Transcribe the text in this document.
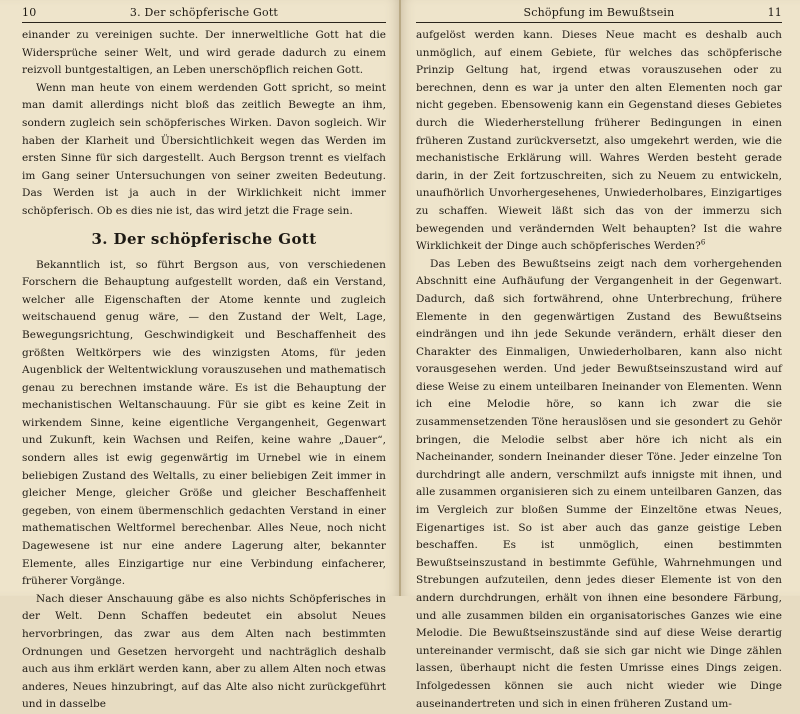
10	3. Der schöpferische Gott

einander zu vereinigen suchte. Der innerweltliche Gott hat die Widersprüche seiner Welt, und wird gerade dadurch zu einem reizvoll buntgestaltigen, an Leben unerschöpflich reichen Gott.

Wenn man heute von einem werdenden Gott spricht, so meint man damit allerdings nicht bloß das zeitlich Bewegte an ihm, sondern zugleich sein schöpferisches Wirken. Davon sogleich. Wir haben der Klarheit und Übersichtlichkeit wegen das Werden im ersten Sinne für sich dargestellt. Auch Bergson trennt es vielfach im Gang seiner Untersuchungen von seiner zweiten Bedeutung. Das Werden ist ja auch in der Wirklichkeit nicht immer schöpferisch. Ob es dies nie ist, das wird jetzt die Frage sein.

3. Der schöpferische Gott

Bekanntlich ist, so führt Bergson aus, von verschiedenen Forschern die Behauptung aufgestellt worden, daß ein Verstand, welcher alle Eigenschaften der Atome kennte und zugleich weitschauend genug wäre, — den Zustand der Welt, Lage, Bewegungsrichtung, Geschwindigkeit und Beschaffenheit des größten Weltkörpers wie des winzigsten Atoms, für jeden Augenblick der Weltentwicklung vorauszusehen und mathematisch genau zu berechnen imstande wäre. Es ist die Behauptung der mechanistischen Weltanschauung. Für sie gibt es keine Zeit in wirkendem Sinne, keine eigentliche Vergangenheit, Gegenwart und Zukunft, kein Wachsen und Reifen, keine wahre „Dauer“, sondern alles ist ewig gegenwärtig im Urnebel wie in einem beliebigen Zustand des Weltalls, zu einer beliebigen Zeit immer in gleicher Menge, gleicher Größe und gleicher Beschaffenheit gegeben, von einem übermenschlich gedachten Verstand in einer mathematischen Weltformel berechenbar. Alles Neue, noch nicht Dagewesene ist nur eine andere Lagerung alter, bekannter Elemente, alles Einzigartige nur eine Verbindung einfacherer, früherer Vorgänge.

Nach dieser Anschauung gäbe es also nichts Schöpferisches in der Welt. Denn Schaffen bedeutet ein absolut Neues hervorbringen, das zwar aus dem Alten nach bestimmten Ordnungen und Gesetzen hervorgeht und nachträglich deshalb auch aus ihm erklärt werden kann, aber zu allem Alten noch etwas anderes, Neues hinzubringt, auf das Alte also nicht zurückgeführt und in dasselbe

Schöpfung im Bewußtsein	11

aufgelöst werden kann. Dieses Neue macht es deshalb auch unmöglich, auf einem Gebiete, für welches das schöpferische Prinzip Geltung hat, irgend etwas vorauszusehen oder zu berechnen, denn es war ja unter den alten Elementen noch gar nicht gegeben. Ebensowenig kann ein Gegenstand dieses Gebietes durch die Wiederherstellung früherer Bedingungen in einen früheren Zustand zurückversetzt, also umgekehrt werden, wie die mechanistische Erklärung will. Wahres Werden besteht gerade darin, in der Zeit fortzuschreiten, sich zu Neuem zu entwickeln, unaufhörlich Unvorhergesehenes, Unwiederholbares, Einzigartiges zu schaffen. Wieweit läßt sich das von der immerzu sich bewegenden und verändernden Welt behaupten? Ist die wahre Wirklichkeit der Dinge auch schöpferisches Werden?$^6$

Das Leben des Bewußtseins zeigt nach dem vorhergehenden Abschnitt eine Aufhäufung der Vergangenheit in der Gegenwart. Dadurch, daß sich fortwährend, ohne Unterbrechung, frühere Elemente in den gegenwärtigen Zustand des Bewußtseins eindrängen und ihn jede Sekunde verändern, erhält dieser den Charakter des Einmaligen, Unwiederholbaren, kann also nicht vorausgesehen werden. Und jeder Bewußtseinszustand wird auf diese Weise zu einem unteilbaren Ineinander von Elementen. Wenn ich eine Melodie höre, so kann ich zwar die sie zusammensetzenden Töne herauslösen und sie gesondert zu Gehör bringen, die Melodie selbst aber höre ich nicht als ein Nacheinander, sondern Ineinander dieser Töne. Jeder einzelne Ton durchdringt alle andern, verschmilzt aufs innigste mit ihnen, und alle zusammen organisieren sich zu einem unteilbaren Ganzen, das im Vergleich zur bloßen Summe der Einzeltöne etwas Neues, Eigenartiges ist. So ist aber auch das ganze geistige Leben beschaffen. Es ist unmöglich, einen bestimmten Bewußtseinszustand in bestimmte Gefühle, Wahrnehmungen und Strebungen aufzuteilen, denn jedes dieser Elemente ist von den andern durchdrungen, erhält von ihnen eine besondere Färbung, und alle zusammen bilden ein organisatorisches Ganzes wie eine Melodie. Die Bewußtseinszustände sind auf diese Weise derartig untereinander vermischt, daß sie sich gar nicht wie Dinge zählen lassen, überhaupt nicht die festen Umrisse eines Dings zeigen. Infolgedessen können sie auch nicht wieder wie Dinge auseinandertreten und sich in einen früheren Zustand um-
